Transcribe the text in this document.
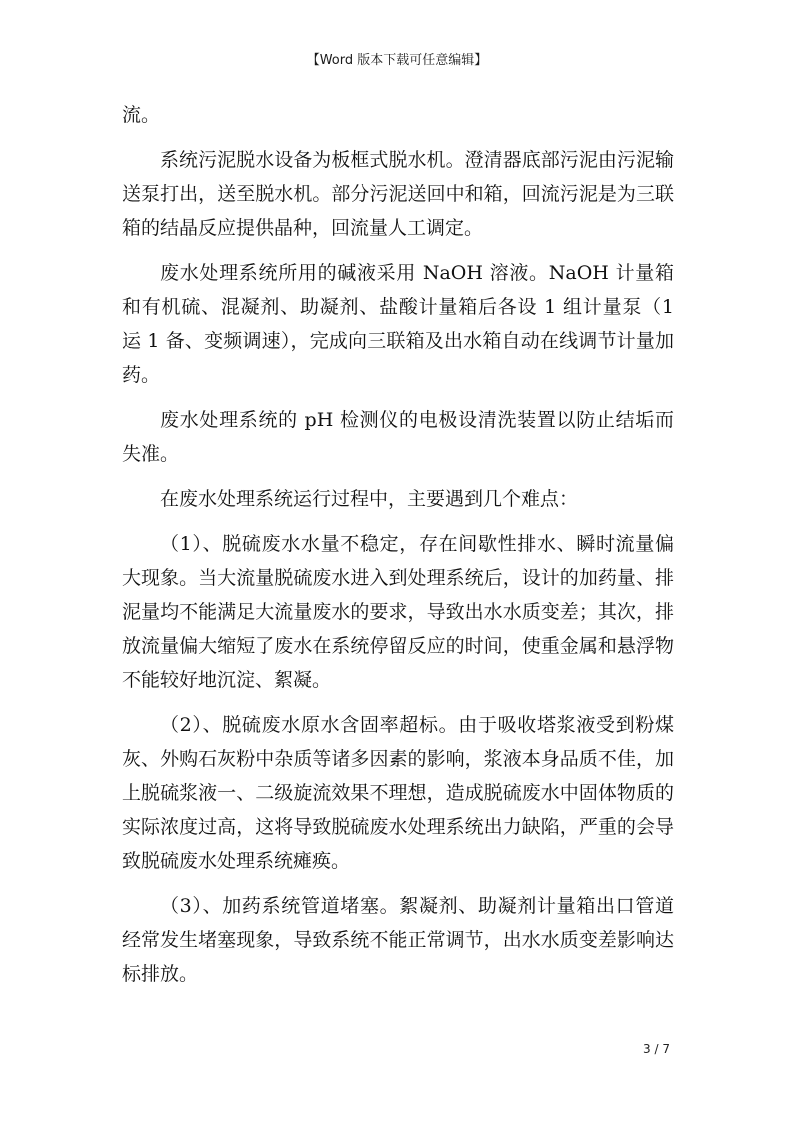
【Word 版本下载可任意编辑】

流。

系统污泥脱水设备为板框式脱水机。澄清器底部污泥由污泥输送泵打出，送至脱水机。部分污泥送回中和箱，回流污泥是为三联箱的结晶反应提供晶种，回流量人工调定。

废水处理系统所用的碱液采用 NaOH 溶液。NaOH 计量箱和有机硫、混凝剂、助凝剂、盐酸计量箱后各设 1 组计量泵（1 运 1 备、变频调速），完成向三联箱及出水箱自动在线调节计量加药。

废水处理系统的 pH 检测仪的电极设清洗装置以防止结垢而失准。

在废水处理系统运行过程中，主要遇到几个难点：

（1）、脱硫废水水量不稳定，存在间歇性排水、瞬时流量偏大现象。当大流量脱硫废水进入到处理系统后，设计的加药量、排泥量均不能满足大流量废水的要求，导致出水水质变差；其次，排放流量偏大缩短了废水在系统停留反应的时间，使重金属和悬浮物不能较好地沉淀、絮凝。

（2）、脱硫废水原水含固率超标。由于吸收塔浆液受到粉煤灰、外购石灰粉中杂质等诸多因素的影响，浆液本身品质不佳，加上脱硫浆液一、二级旋流效果不理想，造成脱硫废水中固体物质的实际浓度过高，这将导致脱硫废水处理系统出力缺陷，严重的会导致脱硫废水处理系统瘫痪。

（3）、加药系统管道堵塞。絮凝剂、助凝剂计量箱出口管道经常发生堵塞现象，导致系统不能正常调节，出水水质变差影响达标排放。

3 / 7
